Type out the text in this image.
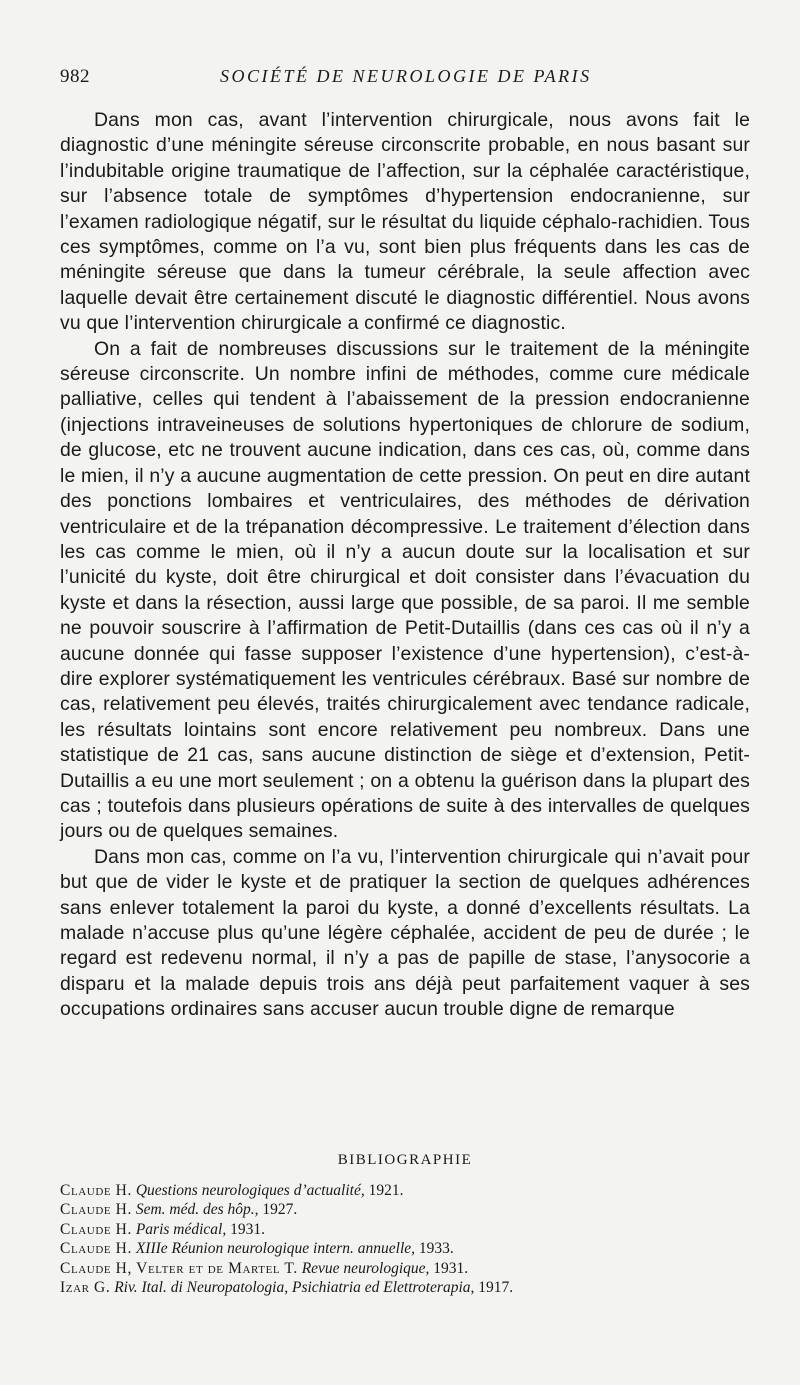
982	SOCIÉTÉ DE NEUROLOGIE DE PARIS

Dans mon cas, avant l’intervention chirurgicale, nous avons fait le diagnostic d’une méningite séreuse circonscrite probable, en nous basant sur l’indubitable origine traumatique de l’affection, sur la céphalée caractéristique, sur l’absence totale de symptômes d’hypertension endocranienne, sur l’examen radiologique négatif, sur le résultat du liquide céphalo-rachidien. Tous ces symptômes, comme on l’a vu, sont bien plus fréquents dans les cas de méningite séreuse que dans la tumeur cérébrale, la seule affection avec laquelle devait être certainement discuté le diagnostic différentiel. Nous avons vu que l’intervention chirurgicale a confirmé ce diagnostic.

On a fait de nombreuses discussions sur le traitement de la méningite séreuse circonscrite. Un nombre infini de méthodes, comme cure médicale palliative, celles qui tendent à l’abaissement de la pression endocranienne (injections intraveineuses de solutions hypertoniques de chlorure de sodium, de glucose, etc ne trouvent aucune indication, dans ces cas, où, comme dans le mien, il n’y a aucune augmentation de cette pression. On peut en dire autant des ponctions lombaires et ventriculaires, des méthodes de dérivation ventriculaire et de la trépanation décompressive. Le traitement d’élection dans les cas comme le mien, où il n’y a aucun doute sur la localisation et sur l’unicité du kyste, doit être chirurgical et doit consister dans l’évacuation du kyste et dans la résection, aussi large que possible, de sa paroi. Il me semble ne pouvoir souscrire à l’affirmation de Petit-Dutaillis (dans ces cas où il n’y a aucune donnée qui fasse supposer l’existence d’une hypertension), c’est-à-dire explorer systématiquement les ventricules cérébraux. Basé sur nombre de cas, relativement peu élevés, traités chirurgicalement avec tendance radicale, les résultats lointains sont encore relativement peu nombreux. Dans une statistique de 21 cas, sans aucune distinction de siège et d’extension, Petit-Dutaillis a eu une mort seulement ; on a obtenu la guérison dans la plupart des cas ; toutefois dans plusieurs opérations de suite à des intervalles de quelques jours ou de quelques semaines.

Dans mon cas, comme on l’a vu, l’intervention chirurgicale qui n’avait pour but que de vider le kyste et de pratiquer la section de quelques adhérences sans enlever totalement la paroi du kyste, a donné d’excellents résultats. La malade n’accuse plus qu’une légère céphalée, accident de peu de durée ; le regard est redevenu normal, il n’y a pas de papille de stase, l’anysocorie a disparu et la malade depuis trois ans déjà peut parfaitement vaquer à ses occupations ordinaires sans accuser aucun trouble digne de remarque

BIBLIOGRAPHIE
Claude H. Questions neurologiques d’actualité, 1921.
Claude H. Sem. méd. des hôp., 1927.
Claude H. Paris médical, 1931.
Claude H. XIIIe Réunion neurologique intern. annuelle, 1933.
Claude H, Velter et de Martel T. Revue neurologique, 1931.
Izar G. Riv. Ital. di Neuropatologia, Psichiatria ed Elettroterapia, 1917.
